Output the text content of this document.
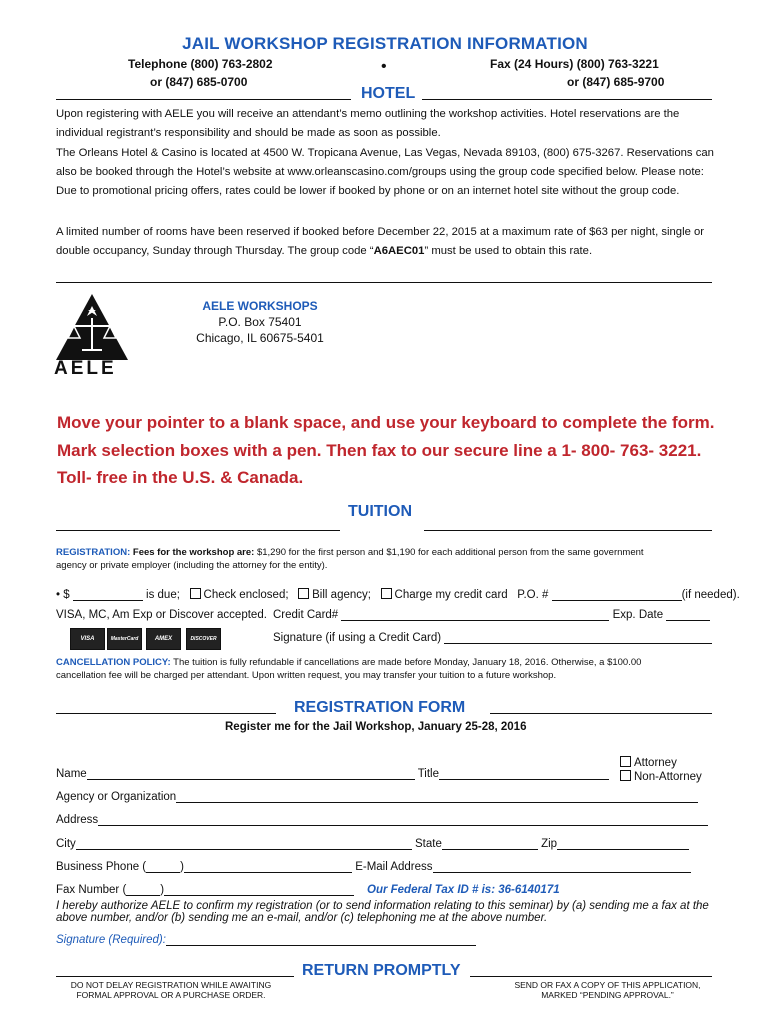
JAIL WORKSHOP REGISTRATION INFORMATION
Telephone (800) 763-2802
or (847) 685-0700
Fax (24 Hours) (800) 763-3221
or (847) 685-9700
•
HOTEL
Upon registering with AELE you will receive an attendant’s memo outlining the workshop activities. Hotel reservations are the individual registrant’s responsibility and should be made as soon as possible.
The Orleans Hotel & Casino is located at 4500 W. Tropicana Avenue, Las Vegas, Nevada 89103, (800) 675-3267. Reservations can also be booked through the Hotel’s website at www.orleanscasino.com/groups using the group code specified below. Please note: Due to promotional pricing offers, rates could be lower if booked by phone or on an internet hotel site without the group code.
A limited number of rooms have been reserved if booked before December 22, 2015 at a maximum rate of $63 per night, single or double occupancy, Sunday through Thursday. The group code “A6AEC01” must be used to obtain this rate.
AELE
AELE WORKSHOPS
P.O. Box 75401
Chicago, IL 60675-5401
Move your pointer to a blank space, and use your keyboard to complete the form.
Mark selection boxes with a pen. Then fax to our secure line a 1- 800- 763- 3221.
Toll- free in the U.S. & Canada.
TUITION
REGISTRATION: Fees for the workshop are: $1,290 for the first person and $1,190 for each additional person from the same government
agency or private employer (including the attorney for the entity).
• $	is due; Check enclosed; Bill agency; Charge my credit card P.O. #	(if needed).
VISA, MC, Am Exp or Discover accepted. Credit Card#	Exp. Date
VISA	MasterCard	AMEX	DISCOVER	Signature (if using a Credit Card)
CANCELLATION POLICY: The tuition is fully refundable if cancellations are made before Monday, January 18, 2016. Otherwise, a $100.00
cancellation fee will be charged per attendant. Upon written request, you may transfer your tuition to a future workshop.
REGISTRATION FORM
Register me for the Jail Workshop, January 25-28, 2016
Name	Title
Attorney
Non-Attorney
Agency or Organization
Address
City	State	Zip
Business Phone (	)	E-Mail Address
Fax Number (	)	Our Federal Tax ID # is: 36-6140171
I hereby authorize AELE to confirm my registration (or to send information relating to this seminar) by (a) sending me a fax at the above number, and/or (b) sending me an e-mail, and/or (c) telephoning me at the above number.
Signature (Required):
RETURN PROMPTLY
DO NOT DELAY REGISTRATION WHILE AWAITING
FORMAL APPROVAL OR A PURCHASE ORDER.
SEND OR FAX A COPY OF THIS APPLICATION,
MARKED “PENDING APPROVAL.”
